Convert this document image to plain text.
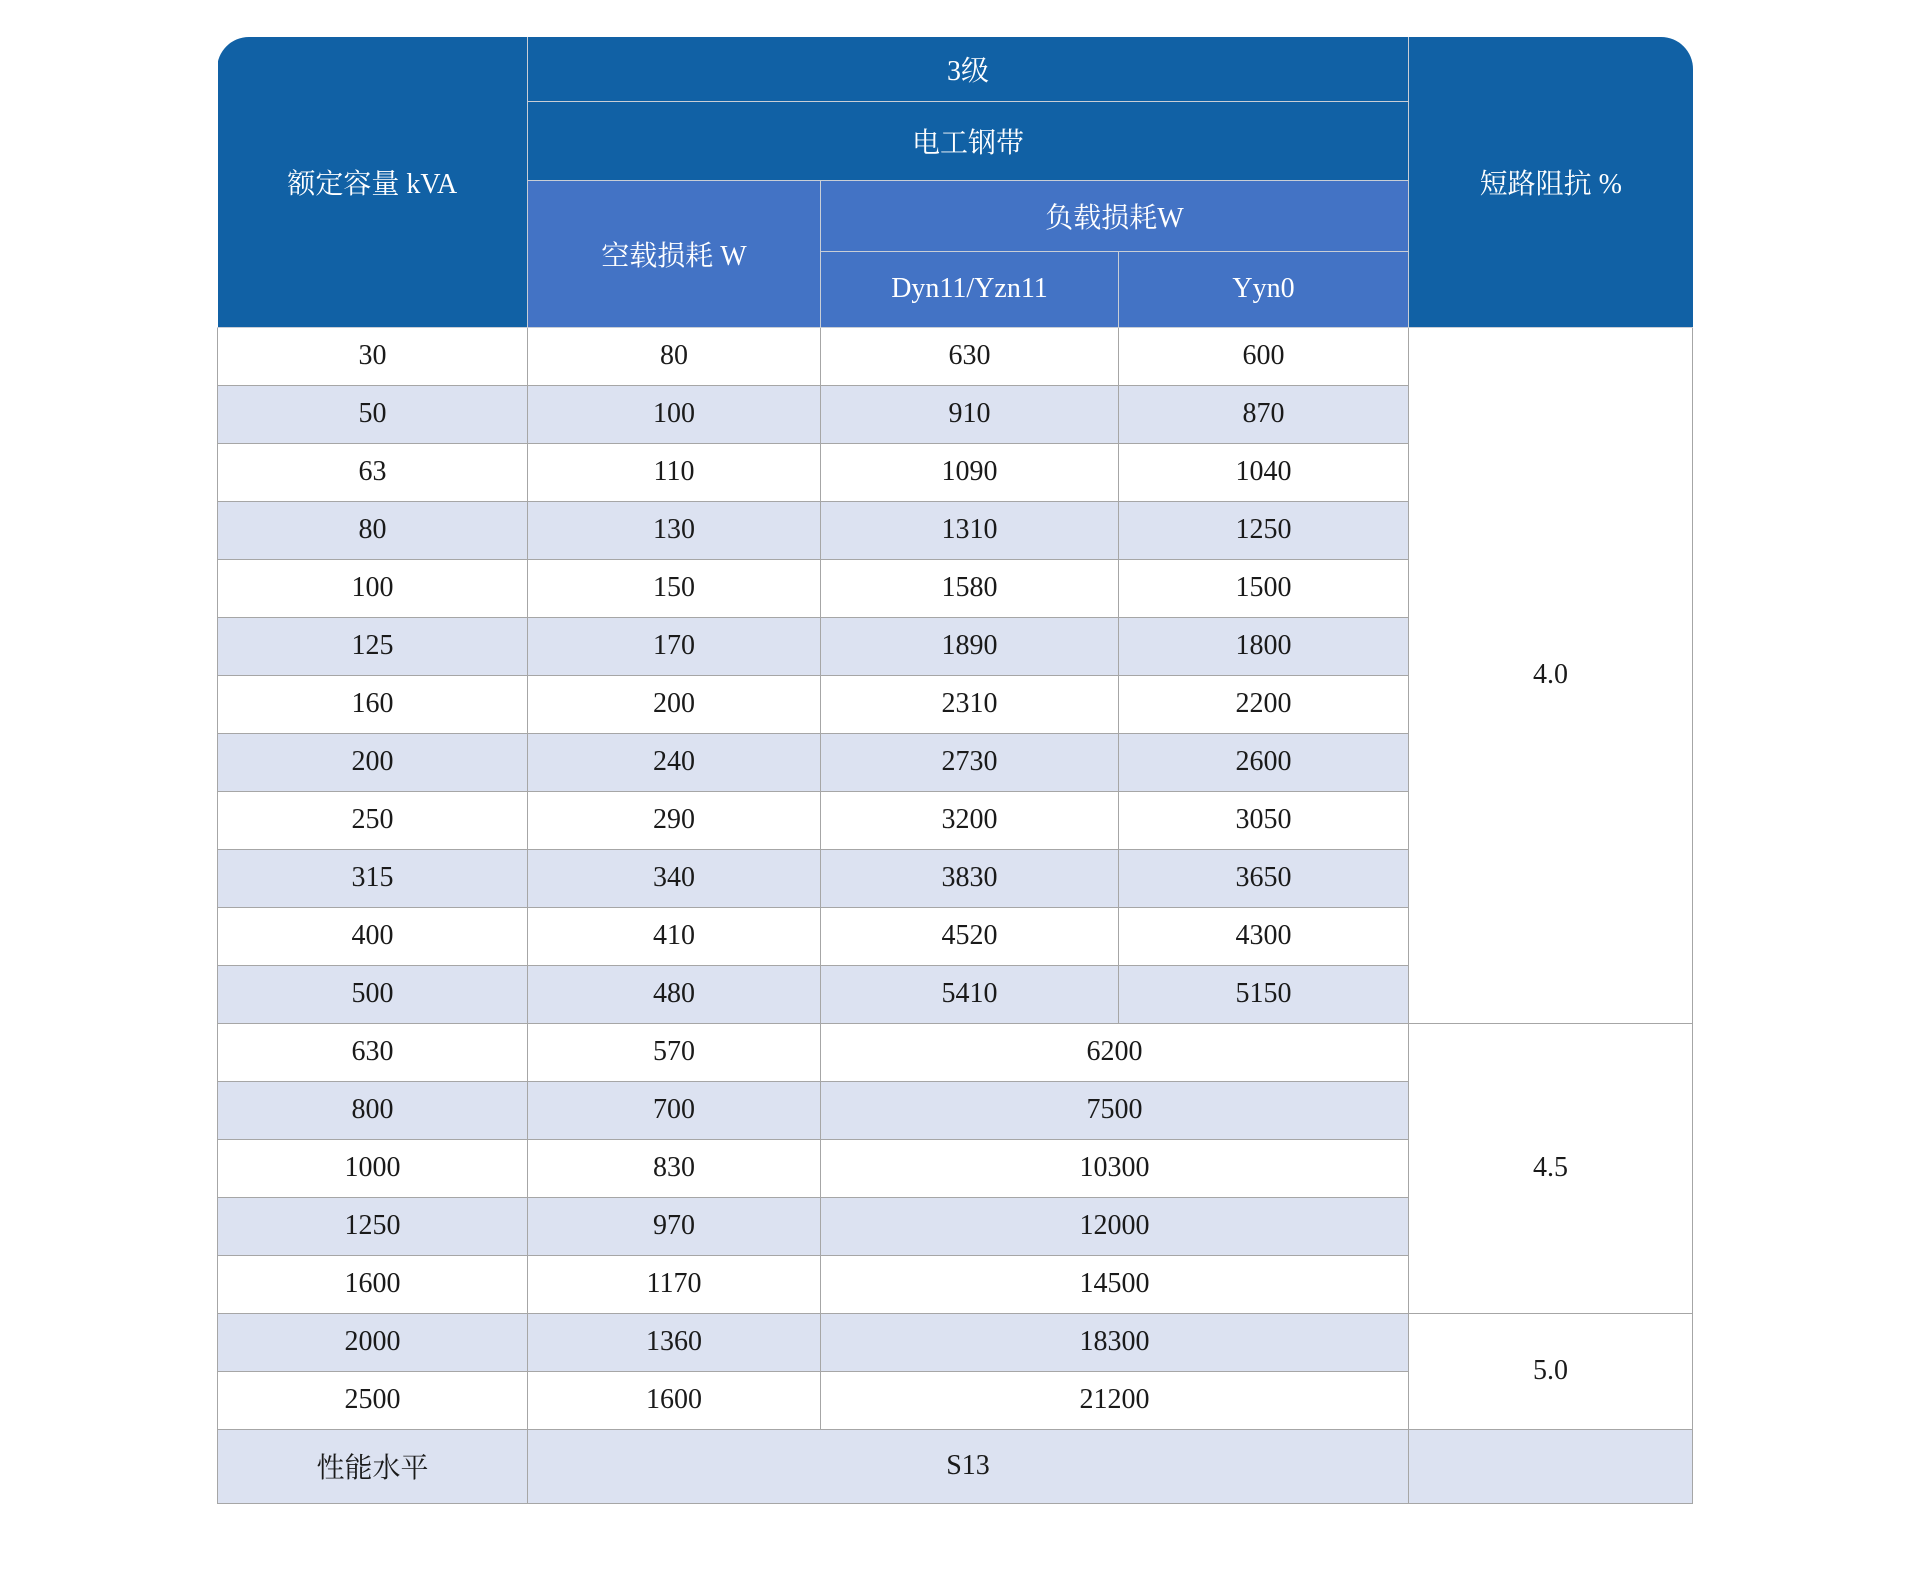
额定容量 kVA	3级			短路阻抗 %
	电工钢带			
	空载损耗 W	负载损耗W		
		Dyn11/Yzn11	Yyn0	
30	80	630	600	4.0
50	100	910	870	
63	110	1090	1040	
80	130	1310	1250	
100	150	1580	1500	
125	170	1890	1800	
160	200	2310	2200	
200	240	2730	2600	
250	290	3200	3050	
315	340	3830	3650	
400	410	4520	4300	
500	480	5410	5150	
630	570	6200		4.5
800	700	7500		
1000	830	10300		
1250	970	12000		
1600	1170	14500		
2000	1360	18300		5.0
2500	1600	21200		
性能水平	S13			
